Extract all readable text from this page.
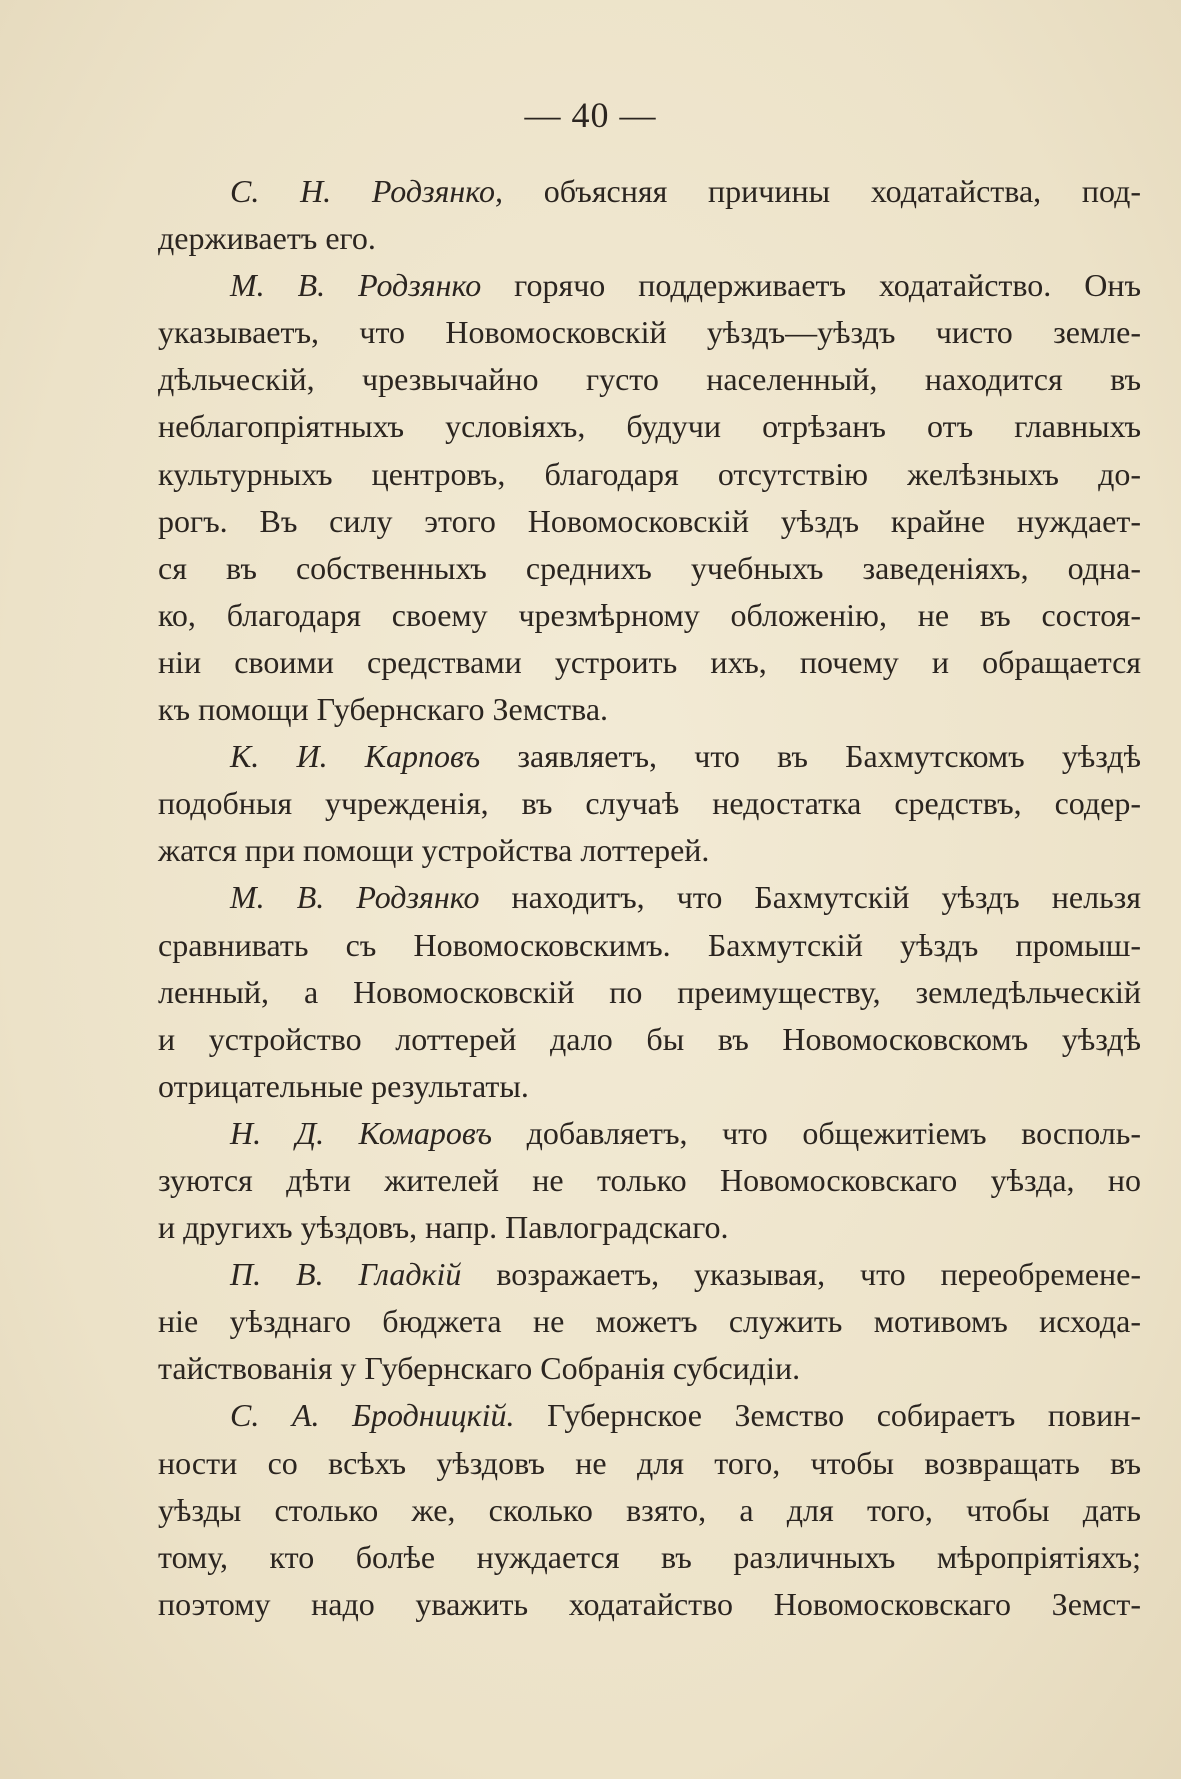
— 40 —
С. Н. Родзянко, объясняя причины ходатайства, под-
держиваетъ его.
М. В. Родзянко горячо поддерживаетъ ходатайство. Онъ
указываетъ, что Новомосковскій уѣздъ—уѣздъ чисто земле-
дѣльческій, чрезвычайно густо населенный, находится въ
неблагопріятныхъ условіяхъ, будучи отрѣзанъ отъ главныхъ
культурныхъ центровъ, благодаря отсутствію желѣзныхъ до-
рогъ. Въ силу этого Новомосковскій уѣздъ крайне нуждает-
ся въ собственныхъ среднихъ учебныхъ заведеніяхъ, одна-
ко, благодаря своему чрезмѣрному обложенію, не въ состоя-
ніи своими средствами устроить ихъ, почему и обращается
къ помощи Губернскаго Земства.
К. И. Карповъ заявляетъ, что въ Бахмутскомъ уѣздѣ
подобныя учрежденія, въ случаѣ недостатка средствъ, содер-
жатся при помощи устройства лоттерей.
М. В. Родзянко находитъ, что Бахмутскій уѣздъ нельзя
сравнивать съ Новомосковскимъ. Бахмутскій уѣздъ промыш-
ленный, а Новомосковскій по преимуществу, земледѣльческій
и устройство лоттерей дало бы въ Новомосковскомъ уѣздѣ
отрицательные результаты.
Н. Д. Комаровъ добавляетъ, что общежитіемъ восполь-
зуются дѣти жителей не только Новомосковскаго уѣзда, но
и другихъ уѣздовъ, напр. Павлоградскаго.
П. В. Гладкій возражаетъ, указывая, что переобремене-
ніе уѣзднаго бюджета не можетъ служить мотивомъ исхода-
тайствованія у Губернскаго Собранія субсидіи.
С. А. Бродницкій. Губернское Земство собираетъ повин-
ности со всѣхъ уѣздовъ не для того, чтобы возвращать въ
уѣзды столько же, сколько взято, а для того, чтобы дать
тому, кто болѣе нуждается въ различныхъ мѣропріятіяхъ;
поэтому надо уважить ходатайство Новомосковскаго Земст-
